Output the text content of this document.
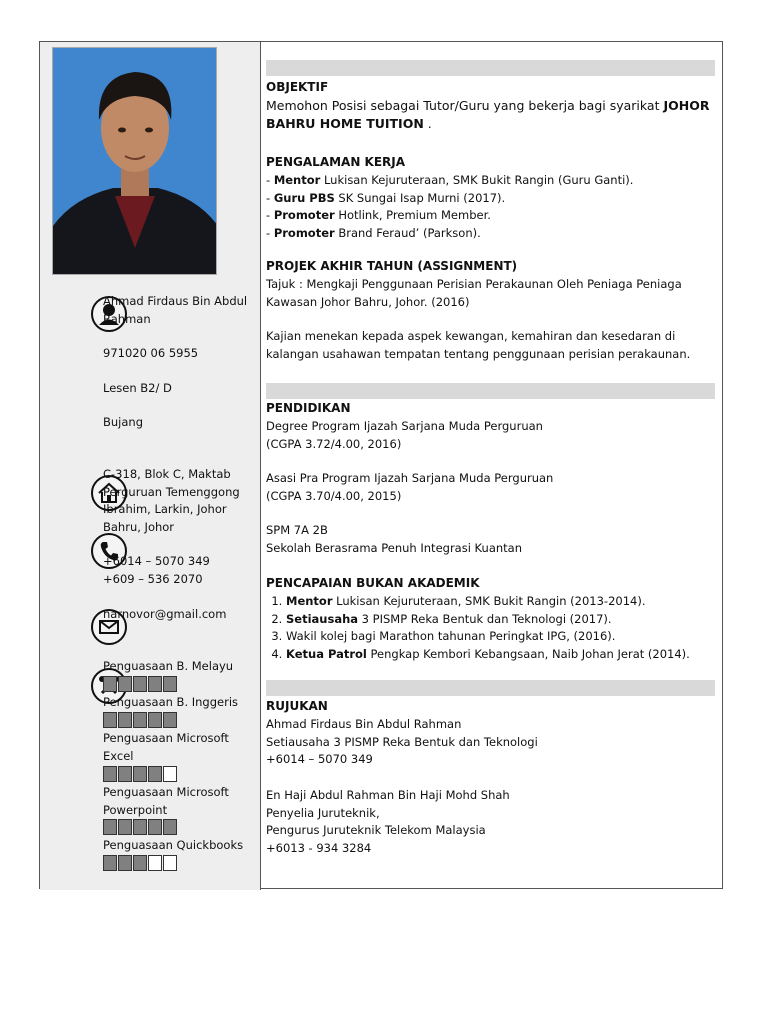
Ahmad Firdaus Bin Abdul Rahman
971020 06 5955
Lesen B2/ D
Bujang
C-318, Blok C, Maktab Perguruan Temenggong Ibrahim, Larkin, Johor Bahru, Johor
+6014 – 5070 349
+609 – 536 2070
narnovor@gmail.com
Penguasaan B. Melayu
Penguasaan B. Inggeris
Penguasaan Microsoft Excel
Penguasaan Microsoft Powerpoint
Penguasaan Quickbooks
OBJEKTIF
Memohon Posisi sebagai Tutor/Guru yang bekerja bagi syarikat JOHOR BAHRU HOME TUITION .
PENGALAMAN KERJA
- Mentor Lukisan Kejuruteraan, SMK Bukit Rangin (Guru Ganti).
- Guru PBS SK Sungai Isap Murni (2017).
- Promoter Hotlink, Premium Member.
- Promoter Brand Feraud’ (Parkson).
PROJEK AKHIR TAHUN (ASSIGNMENT)
Tajuk : Mengkaji Penggunaan Perisian Perakaunan Oleh Peniaga Peniaga Kawasan Johor Bahru, Johor. (2016)
Kajian menekan kepada aspek kewangan, kemahiran dan kesedaran di kalangan usahawan tempatan tentang penggunaan perisian perakaunan.
PENDIDIKAN
Degree Program Ijazah Sarjana Muda Perguruan
(CGPA 3.72/4.00, 2016)
Asasi Pra Program Ijazah Sarjana Muda Perguruan
(CGPA 3.70/4.00, 2015)
SPM 7A 2B
Sekolah Berasrama Penuh Integrasi Kuantan
PENCAPAIAN BUKAN AKADEMIK
1. Mentor Lukisan Kejuruteraan, SMK Bukit Rangin (2013-2014).
2. Setiausaha 3 PISMP Reka Bentuk dan Teknologi (2017).
3. Wakil kolej bagi Marathon tahunan Peringkat IPG, (2016).
4. Ketua Patrol Pengkap Kembori Kebangsaan, Naib Johan Jerat (2014).
RUJUKAN
Ahmad Firdaus Bin Abdul Rahman
Setiausaha 3 PISMP Reka Bentuk dan Teknologi
+6014 – 5070 349
En Haji Abdul Rahman Bin Haji Mohd Shah
Penyelia Juruteknik,
Pengurus Juruteknik Telekom Malaysia
+6013 - 934 3284
